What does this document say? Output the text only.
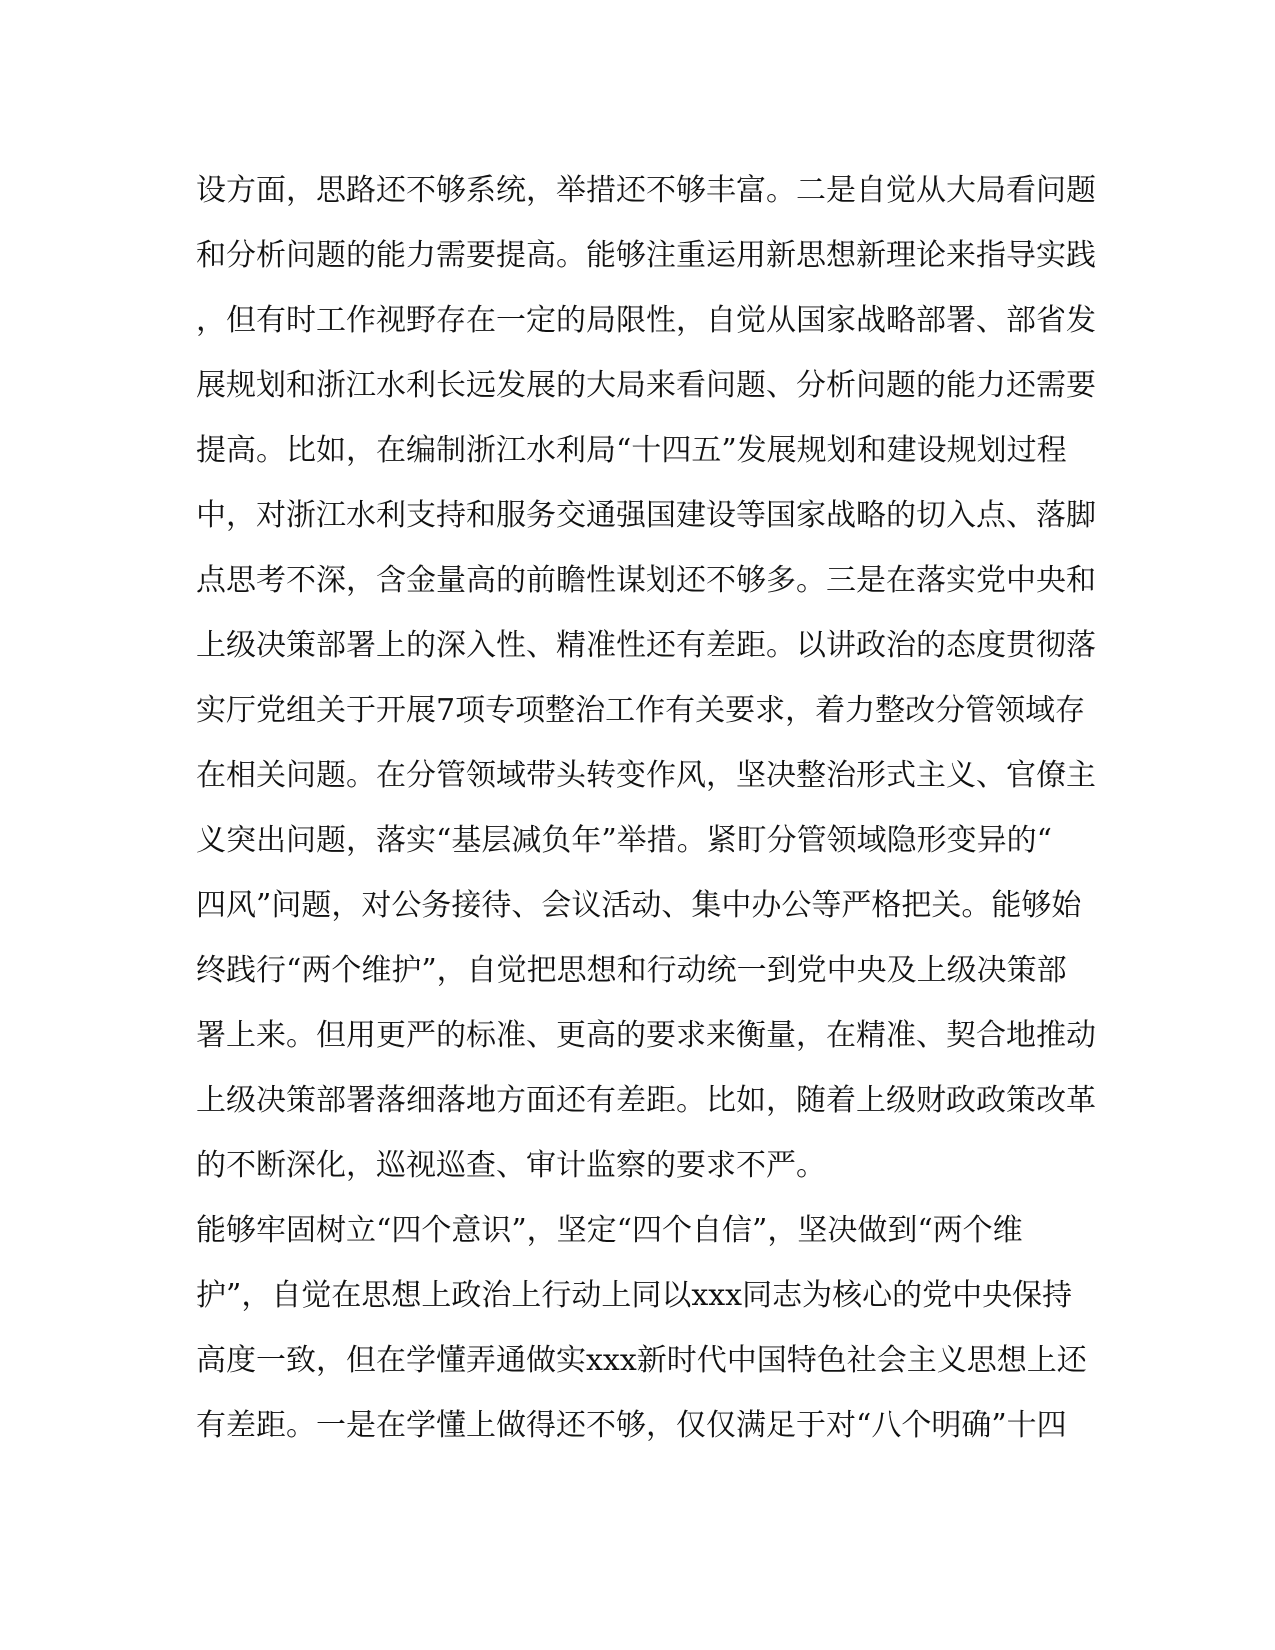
设方面，思路还不够系统，举措还不够丰富。二是自觉从大局看问题
和分析问题的能力需要提高。能够注重运用新思想新理论来指导实践
，但有时工作视野存在一定的局限性，自觉从国家战略部署、部省发
展规划和浙江水利长远发展的大局来看问题、分析问题的能力还需要
提高。比如，在编制浙江水利局“十四五”发展规划和建设规划过程
中，对浙江水利支持和服务交通强国建设等国家战略的切入点、落脚
点思考不深，含金量高的前瞻性谋划还不够多。三是在落实党中央和
上级决策部署上的深入性、精准性还有差距。以讲政治的态度贯彻落
实厅党组关于开展7项专项整治工作有关要求，着力整改分管领域存
在相关问题。在分管领域带头转变作风，坚决整治形式主义、官僚主
义突出问题，落实“基层减负年”举措。紧盯分管领域隐形变异的“
四风”问题，对公务接待、会议活动、集中办公等严格把关。能够始
终践行“两个维护”，自觉把思想和行动统一到党中央及上级决策部
署上来。但用更严的标准、更高的要求来衡量，在精准、契合地推动
上级决策部署落细落地方面还有差距。比如，随着上级财政政策改革
的不断深化，巡视巡查、审计监察的要求不严。
能够牢固树立“四个意识”，坚定“四个自信”，坚决做到“两个维
护”，自觉在思想上政治上行动上同以xxx同志为核心的党中央保持
高度一致，但在学懂弄通做实xxx新时代中国特色社会主义思想上还
有差距。一是在学懂上做得还不够，仅仅满足于对“八个明确”十四
